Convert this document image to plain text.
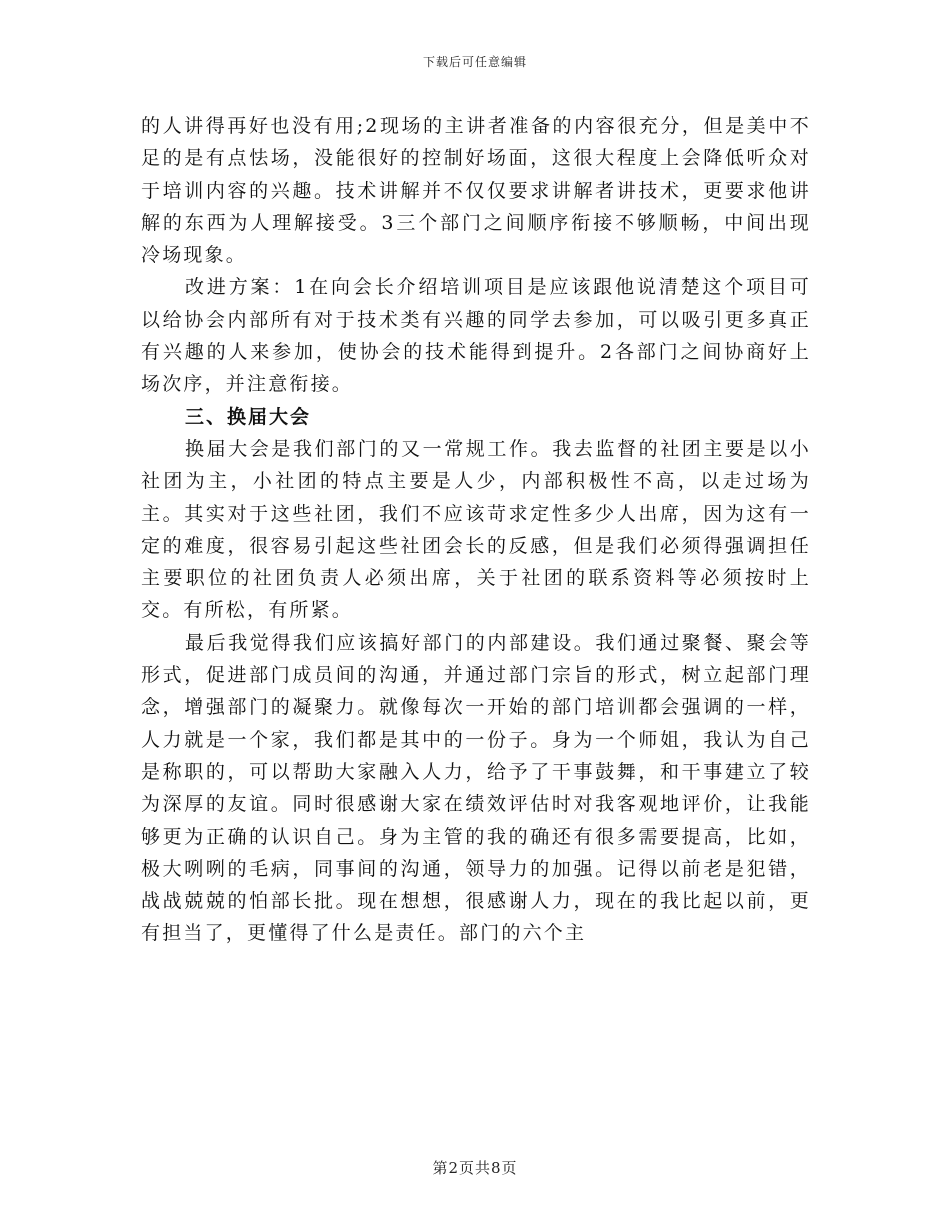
下载后可任意编辑

的人讲得再好也没有用;2现场的主讲者准备的内容很充分，但是美中不足的是有点怯场，没能很好的控制好场面，这很大程度上会降低听众对于培训内容的兴趣。技术讲解并不仅仅要求讲解者讲技术，更要求他讲解的东西为人理解接受。3三个部门之间顺序衔接不够顺畅，中间出现冷场现象。

改进方案：1在向会长介绍培训项目是应该跟他说清楚这个项目可以给协会内部所有对于技术类有兴趣的同学去参加，可以吸引更多真正有兴趣的人来参加，使协会的技术能得到提升。2各部门之间协商好上场次序，并注意衔接。

三、换届大会

换届大会是我们部门的又一常规工作。我去监督的社团主要是以小社团为主，小社团的特点主要是人少，内部积极性不高，以走过场为主。其实对于这些社团，我们不应该苛求定性多少人出席，因为这有一定的难度，很容易引起这些社团会长的反感，但是我们必须得强调担任主要职位的社团负责人必须出席，关于社团的联系资料等必须按时上交。有所松，有所紧。

最后我觉得我们应该搞好部门的内部建设。我们通过聚餐、聚会等形式，促进部门成员间的沟通，并通过部门宗旨的形式，树立起部门理念，增强部门的凝聚力。就像每次一开始的部门培训都会强调的一样，人力就是一个家，我们都是其中的一份子。身为一个师姐，我认为自己是称职的，可以帮助大家融入人力，给予了干事鼓舞，和干事建立了较为深厚的友谊。同时很感谢大家在绩效评估时对我客观地评价，让我能够更为正确的认识自己。身为主管的我的确还有很多需要提高，比如，极大咧咧的毛病，同事间的沟通，领导力的加强。记得以前老是犯错，战战兢兢的怕部长批。现在想想，很感谢人力，现在的我比起以前，更有担当了，更懂得了什么是责任。部门的六个主

第2页共8页
